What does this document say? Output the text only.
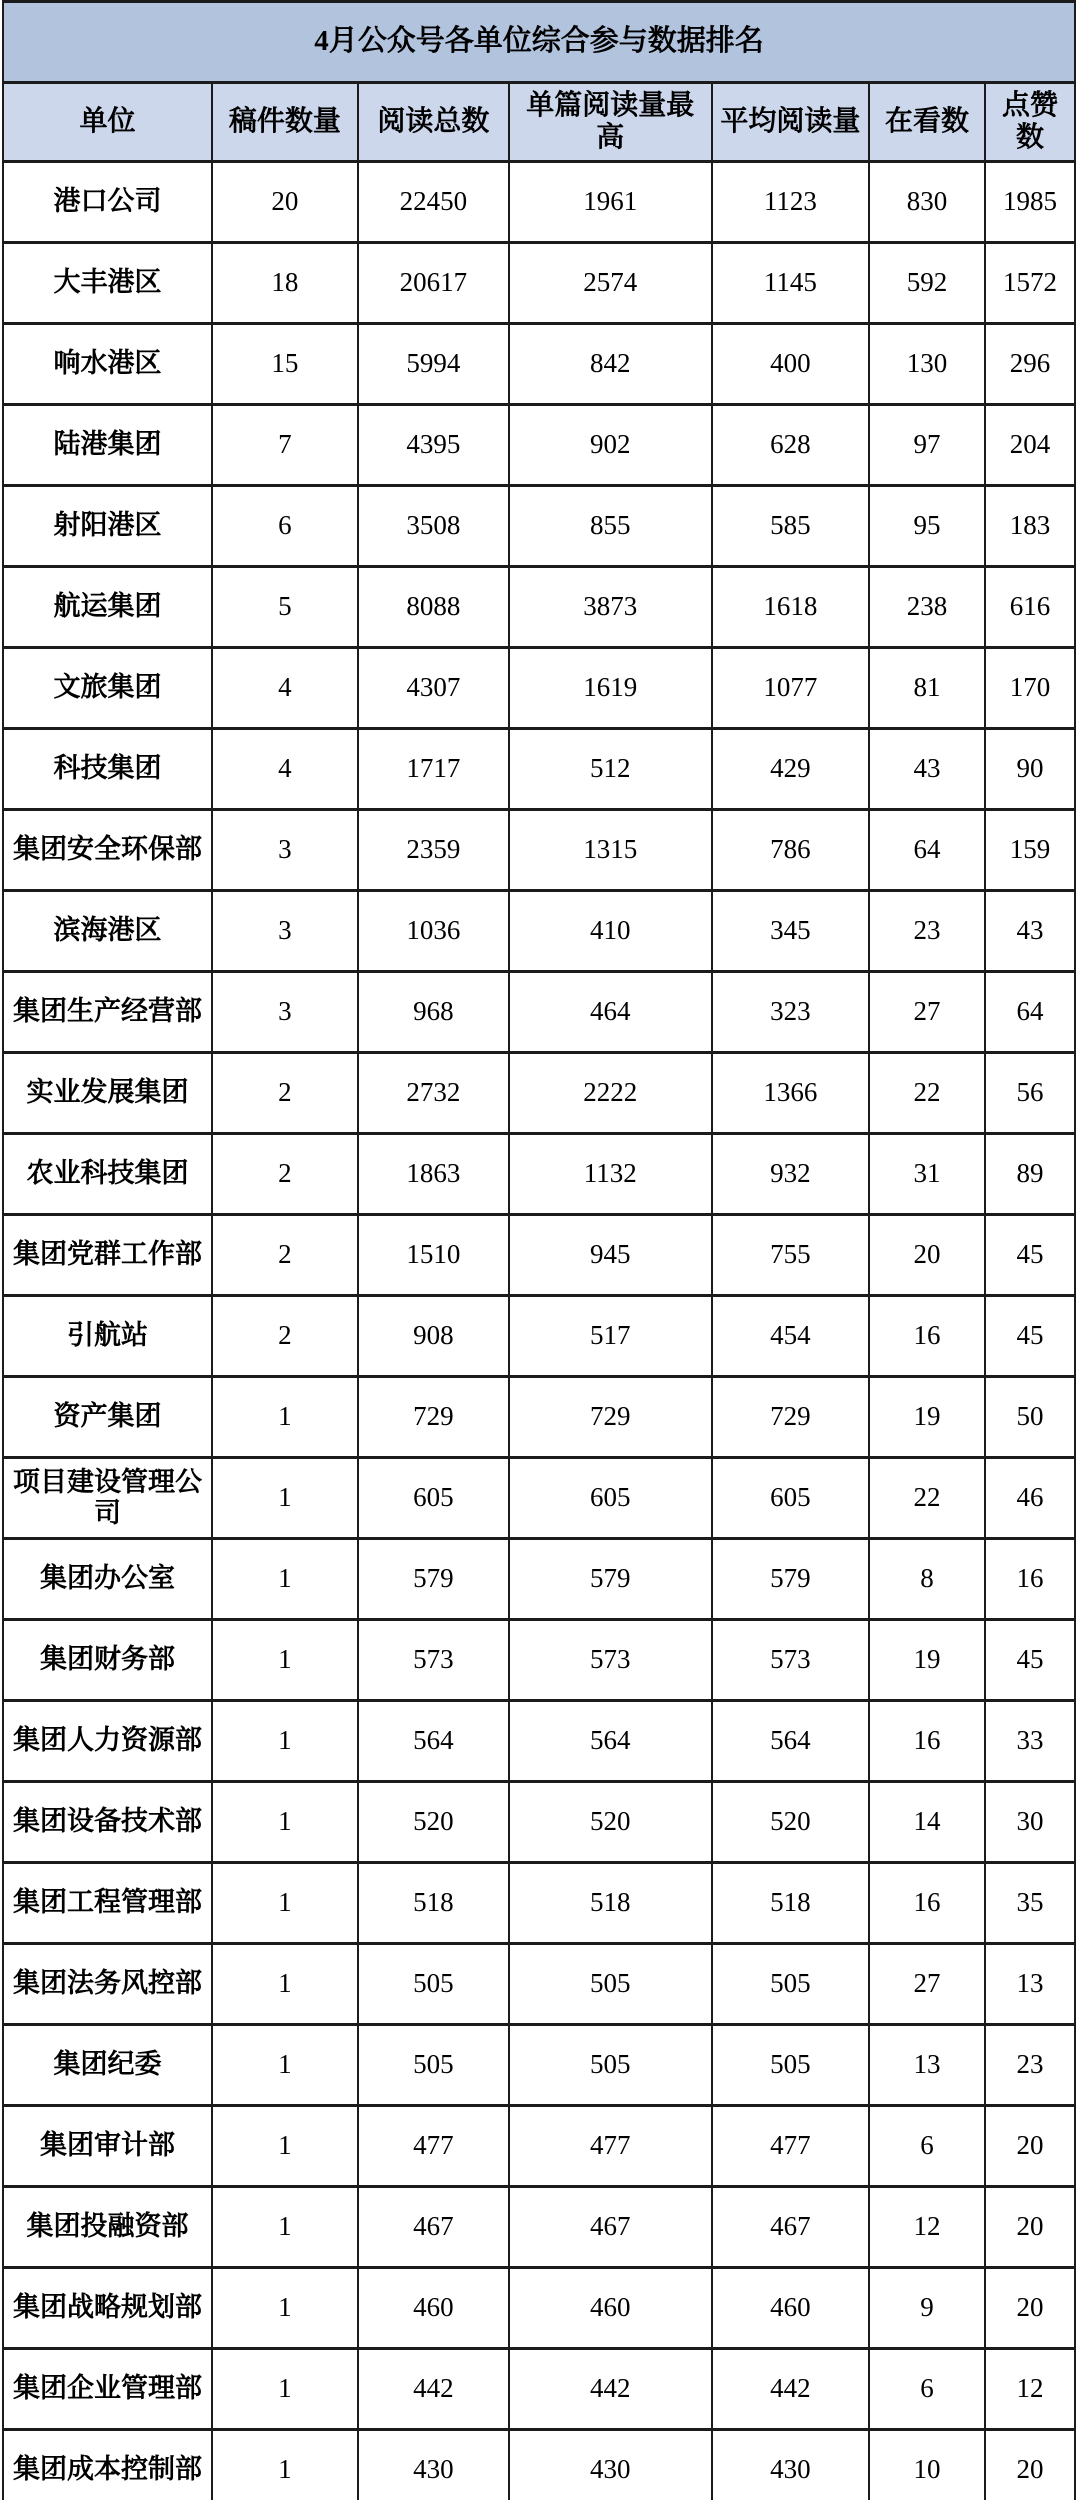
4月公众号各单位综合参与数据排名						
单位	稿件数量	阅读总数	单篇阅读量最高	平均阅读量	在看数	点赞数
港口公司	20	22450	1961	1123	830	1985
大丰港区	18	20617	2574	1145	592	1572
响水港区	15	5994	842	400	130	296
陆港集团	7	4395	902	628	97	204
射阳港区	6	3508	855	585	95	183
航运集团	5	8088	3873	1618	238	616
文旅集团	4	4307	1619	1077	81	170
科技集团	4	1717	512	429	43	90
集团安全环保部	3	2359	1315	786	64	159
滨海港区	3	1036	410	345	23	43
集团生产经营部	3	968	464	323	27	64
实业发展集团	2	2732	2222	1366	22	56
农业科技集团	2	1863	1132	932	31	89
集团党群工作部	2	1510	945	755	20	45
引航站	2	908	517	454	16	45
资产集团	1	729	729	729	19	50
项目建设管理公司	1	605	605	605	22	46
集团办公室	1	579	579	579	8	16
集团财务部	1	573	573	573	19	45
集团人力资源部	1	564	564	564	16	33
集团设备技术部	1	520	520	520	14	30
集团工程管理部	1	518	518	518	16	35
集团法务风控部	1	505	505	505	27	13
集团纪委	1	505	505	505	13	23
集团审计部	1	477	477	477	6	20
集团投融资部	1	467	467	467	12	20
集团战略规划部	1	460	460	460	9	20
集团企业管理部	1	442	442	442	6	12
集团成本控制部	1	430	430	430	10	20
